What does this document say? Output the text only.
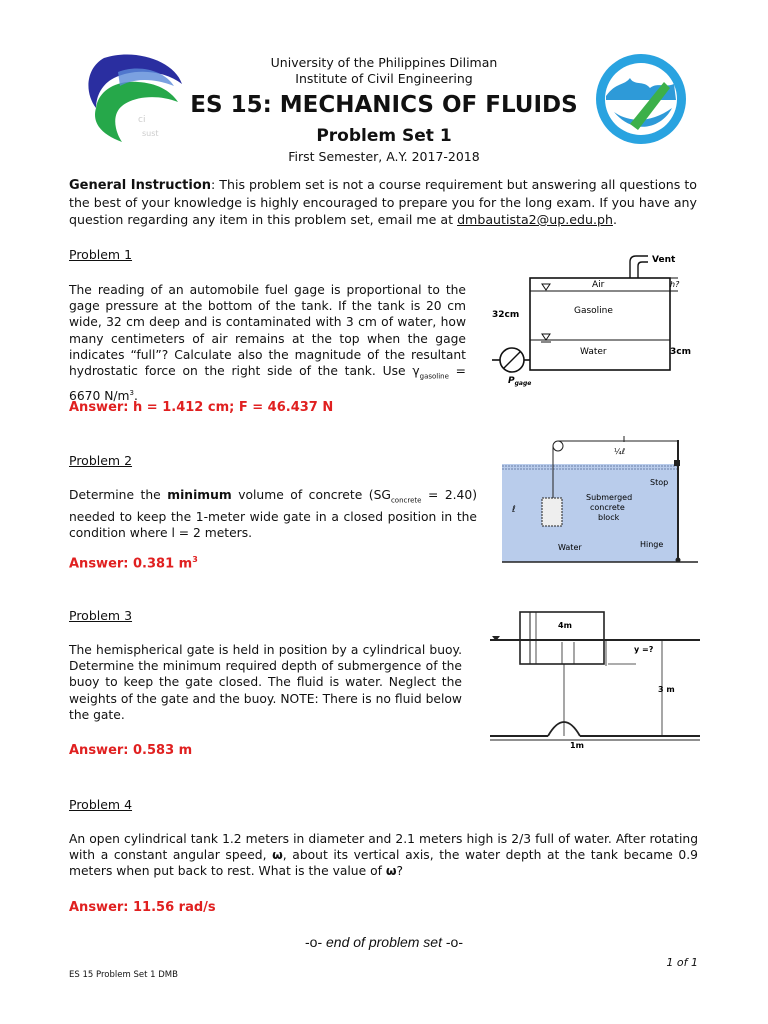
ci
sust
University of the Philippines Diliman
Institute of Civil Engineering
ES 15: MECHANICS OF FLUIDS
Problem Set 1
First Semester, A.Y. 2017-2018
General Instruction: This problem set is not a course requirement but answering all questions to the best of your knowledge is highly encouraged to prepare you for the long exam. If you have any question regarding any item in this problem set, email me at dmbautista2@up.edu.ph.
Problem 1
The reading of an automobile fuel gage is proportional to the gage pressure at the bottom of the tank. If the tank is 20 cm wide, 32 cm deep and is contaminated with 3 cm of water, how many centimeters of air remains at the top when the gage indicates “full”? Calculate also the magnitude of the resultant hydrostatic force on the right side of the tank. Use $\gamma_{gasoline} = 6670$ $N/m^3$.
Answer: h = 1.412 cm; F = 46.437 N
Vent
h?
Air
Gasoline
Water
32cm
3cm
$P_{gage}$
Problem 2
Determine the minimum volume of concrete $(SG_{concrete} = 2.40)$ needed to keep the 1-meter wide gate in a closed position in the condition where l = 2 meters.
Answer: 0.381 $m^3$
¼ℓ
Stop
Submerged
concrete
block
Water	Hinge
ℓ
Problem 3
The hemispherical gate is held in position by a cylindrical buoy. Determine the minimum required depth of submergence of the buoy to keep the gate closed. The fluid is water. Neglect the weights of the gate and the buoy. NOTE: There is no fluid below the gate.
Answer: 0.583 m
4m
y =?
3 m
1m
Problem 4
An open cylindrical tank 1.2 meters in diameter and 2.1 meters high is 2/3 full of water. After rotating with a constant angular speed, ω, about its vertical axis, the water depth at the tank became 0.9 meters when put back to rest. What is the value of ω?
Answer: 11.56 rad/s
-o- end of problem set -o-
1 of 1
ES 15 Problem Set 1 DMB
